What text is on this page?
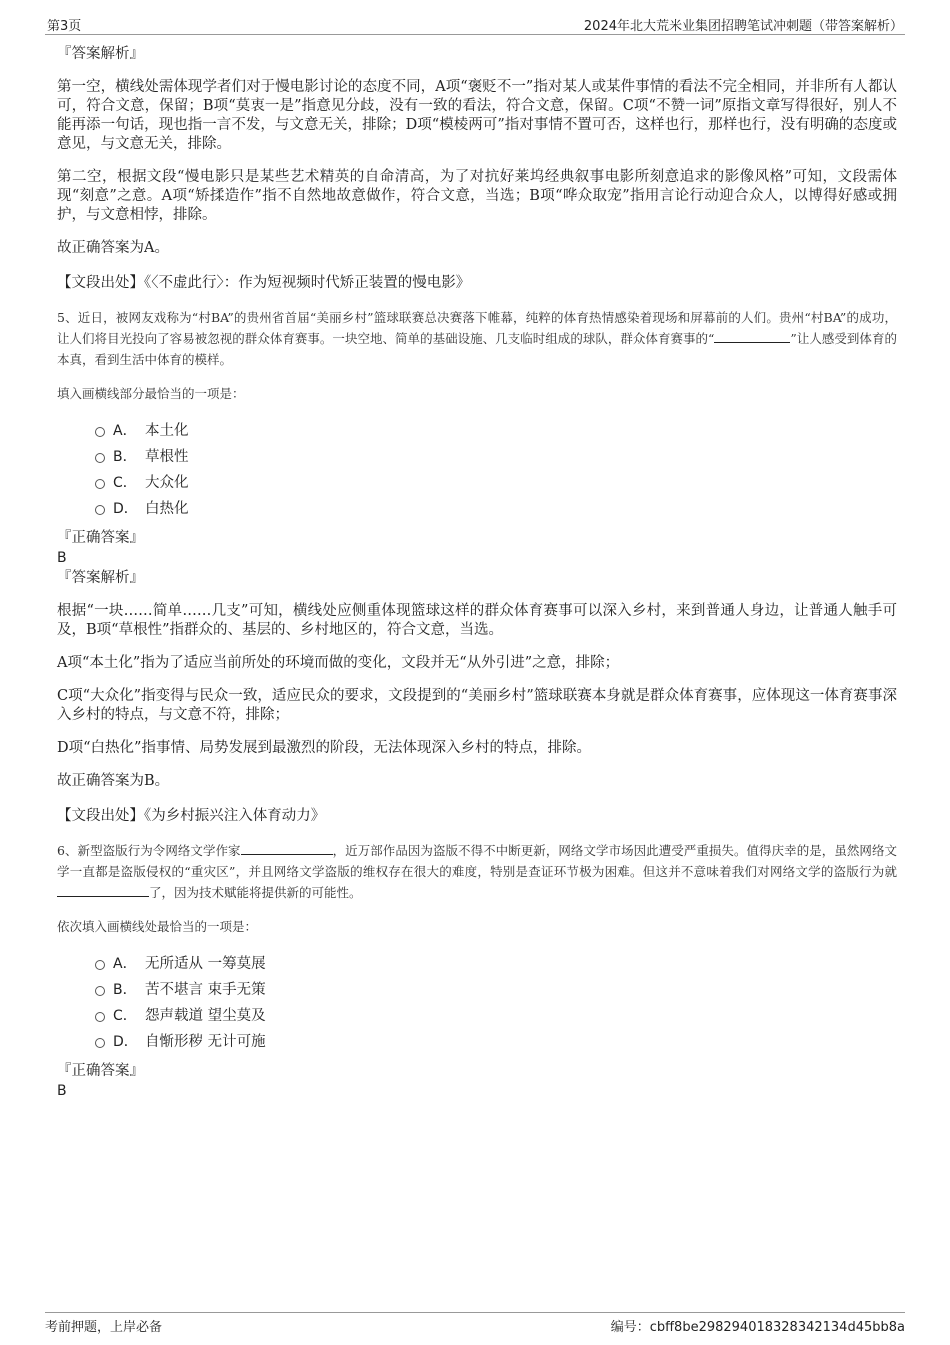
第3页	2024年北大荒米业集团招聘笔试冲刺题（带答案解析）
『答案解析』

第一空，横线处需体现学者们对于慢电影讨论的态度不同，A项“褒贬不一”指对某人或某件事情的看法不完全相同，并非所有人都认可，符合文意，保留；B项“莫衷一是”指意见分歧，没有一致的看法，符合文意，保留。C项“不赞一词”原指文章写得很好，别人不能再添一句话，现也指一言不发，与文意无关，排除；D项“模棱两可”指对事情不置可否，这样也行，那样也行，没有明确的态度或意见，与文意无关，排除。

第二空，根据文段“慢电影只是某些艺术精英的自命清高，为了对抗好莱坞经典叙事电影所刻意追求的影像风格”可知，文段需体现“刻意”之意。A项“矫揉造作”指不自然地故意做作，符合文意，当选；B项“哗众取宠”指用言论行动迎合众人，以博得好感或拥护，与文意相悖，排除。

故正确答案为A。

【文段出处】《〈不虚此行〉：作为短视频时代矫正装置的慢电影》

5、近日，被网友戏称为“村BA”的贵州省首届“美丽乡村”篮球联赛总决赛落下帷幕，纯粹的体育热情感染着现场和屏幕前的人们。贵州“村BA”的成功，让人们将目光投向了容易被忽视的群众体育赛事。一块空地、简单的基础设施、几支临时组成的球队，群众体育赛事的“	”让人感受到体育的本真，看到生活中体育的模样。

填入画横线部分最恰当的一项是：

A． 本土化
B． 草根性
C． 大众化
D． 白热化
『正确答案』
B
『答案解析』

根据“一块……简单……几支”可知，横线处应侧重体现篮球这样的群众体育赛事可以深入乡村，来到普通人身边，让普通人触手可及，B项“草根性”指群众的、基层的、乡村地区的，符合文意，当选。

A项“本土化”指为了适应当前所处的环境而做的变化，文段并无“从外引进”之意，排除；

C项“大众化”指变得与民众一致，适应民众的要求，文段提到的“美丽乡村”篮球联赛本身就是群众体育赛事，应体现这一体育赛事深入乡村的特点，与文意不符，排除；

D项“白热化”指事情、局势发展到最激烈的阶段，无法体现深入乡村的特点，排除。

故正确答案为B。

【文段出处】《为乡村振兴注入体育动力》

6、新型盗版行为令网络文学作家	，近万部作品因为盗版不得不中断更新，网络文学市场因此遭受严重损失。值得庆幸的是，虽然网络文学一直都是盗版侵权的“重灾区”，并且网络文学盗版的维权存在很大的难度，特别是查证环节极为困难。但这并不意味着我们对网络文学的盗版行为就了，因为技术赋能将提供新的可能性。

依次填入画横线处最恰当的一项是：

A． 无所适从 一筹莫展
B． 苦不堪言 束手无策
C． 怨声载道 望尘莫及
D． 自惭形秽 无计可施
『正确答案』
B
考前押题，上岸必备	编号：cbff8be298294018328342134d45bb8a
